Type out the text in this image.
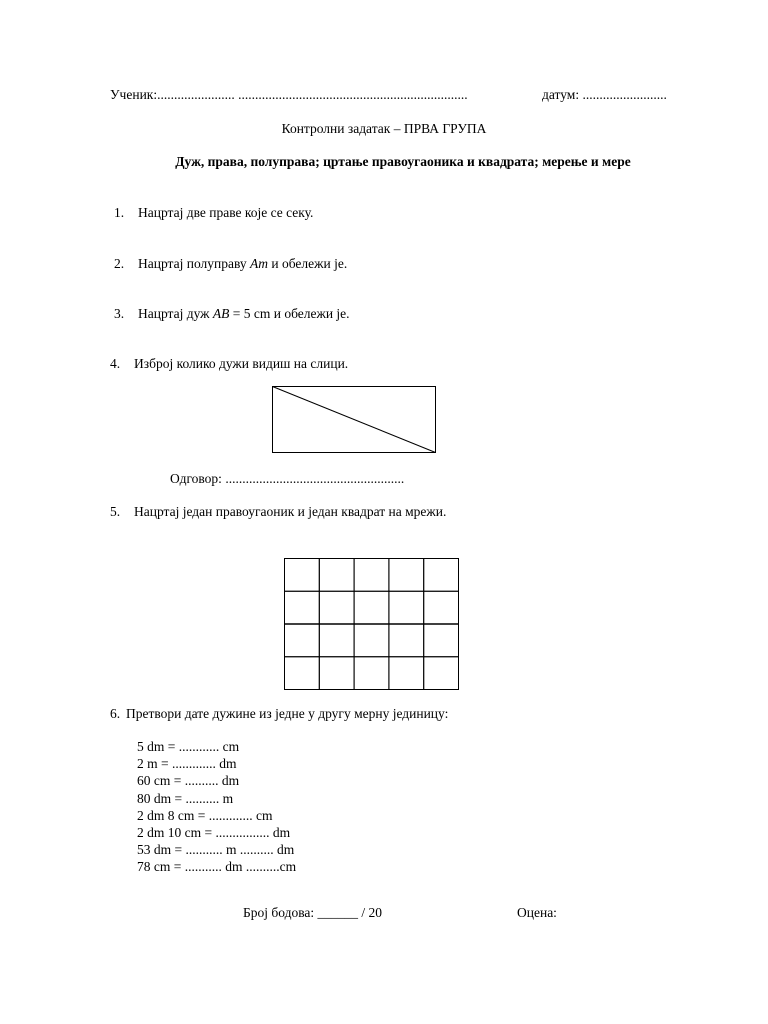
Ученик:....................... ....................................................................	датум: .........................
Контролни задатак – ПРВА ГРУПА
Дуж, права, полуправа; цртање правоугаоника и квадрата; мерење и мере
1. Нацртај две праве које се секу.
2. Нацртај полуправу Am и обележи је.
3. Нацртај дуж AB = 5 cm и обележи је.
4. Изброј колико дужи видиш на слици.
Одговор: .....................................................
5. Нацртај један правоугаоник и један квадрат на мрежи.
6. Претвори дате дужине из једне у другу мерну јединицу:
5 dm = ............ cm
2 m = ............. dm
60 cm = .......... dm
80 dm = .......... m
2 dm 8 cm = ............. cm
2 dm 10 cm = ................ dm
53 dm = ........... m .......... dm
78 cm = ........... dm ..........cm
Број бодова: ______ / 20	Оцена:
